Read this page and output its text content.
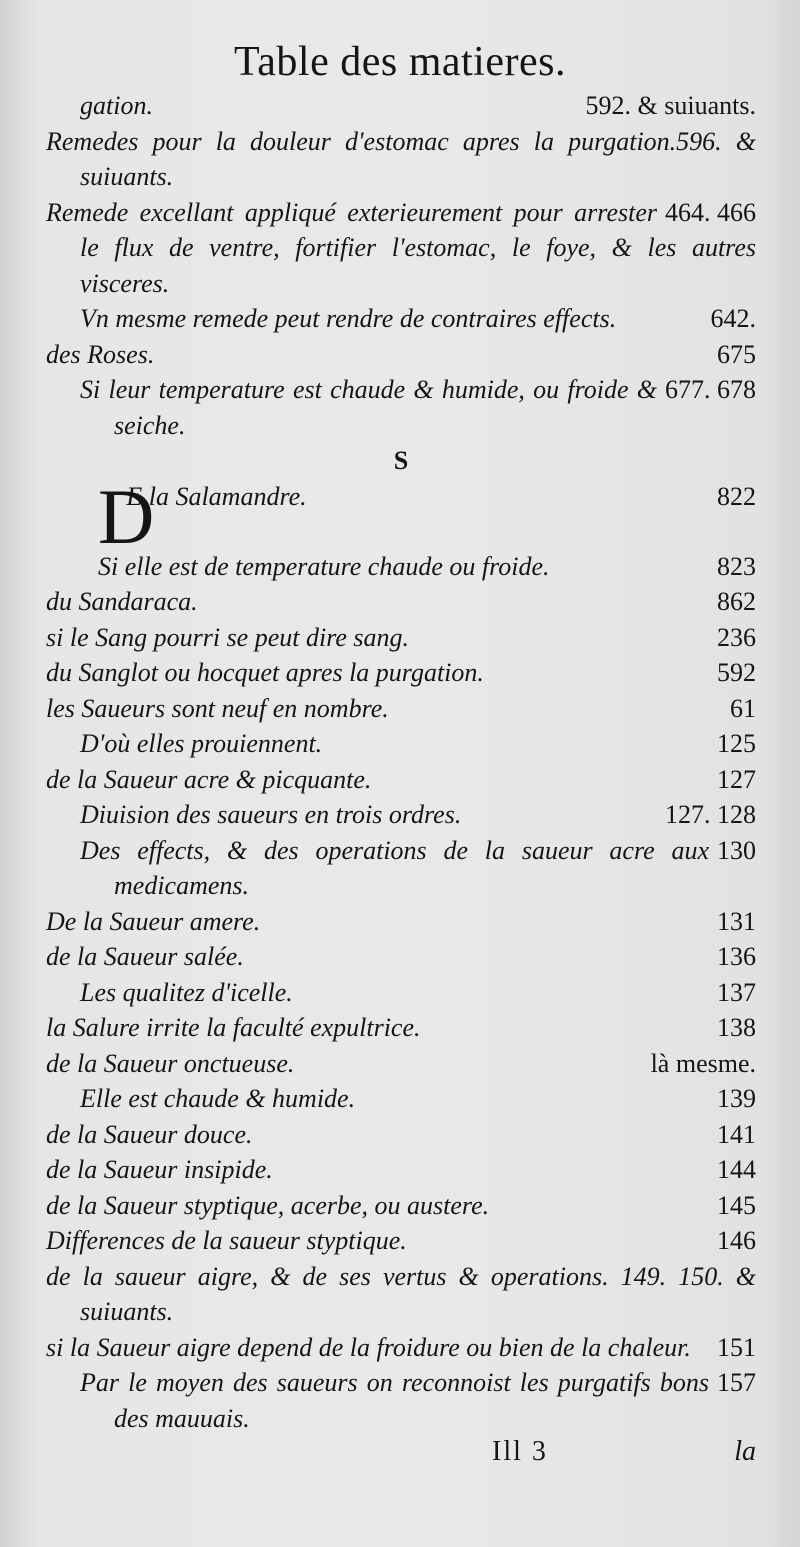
Table des matieres.
592. & suiuants.
gation.
Remedes pour la douleur d'estomac apres la purgation.596. & suiuants.
464. 466
Remede excellant appliqué exterieurement pour arrester le flux de ventre, fortifier l'estomac, le foye, & les autres visceres.
642.
Vn mesme remede peut rendre de contraires effects.
675
des Roses.
677. 678
Si leur temperature est chaude & humide, ou froide & seiche.
S
822
D
E la Salamandre.
823
Si elle est de temperature chaude ou froide.
862
du Sandaraca.
236
si le Sang pourri se peut dire sang.
592
du Sanglot ou hocquet apres la purgation.
61
les Saueurs sont neuf en nombre.
125
D'où elles prouiennent.
127
de la Saueur acre & picquante.
127. 128
Diuision des saueurs en trois ordres.
130
Des effects, & des operations de la saueur acre aux medicamens.
131
De la Saueur amere.
136
de la Saueur salée.
137
Les qualitez d'icelle.
138
la Salure irrite la faculté expultrice.
là mesme.
de la Saueur onctueuse.
139
Elle est chaude & humide.
141
de la Saueur douce.
144
de la Saueur insipide.
145
de la Saueur styptique, acerbe, ou austere.
146
Differences de la saueur styptique.
de la saueur aigre, & de ses vertus & operations. 149. 150. & suiuants.
151
si la Saueur aigre depend de la froidure ou bien de la chaleur.
157
Par le moyen des saueurs on reconnoist les purgatifs bons des mauuais.
Ill 3	la
